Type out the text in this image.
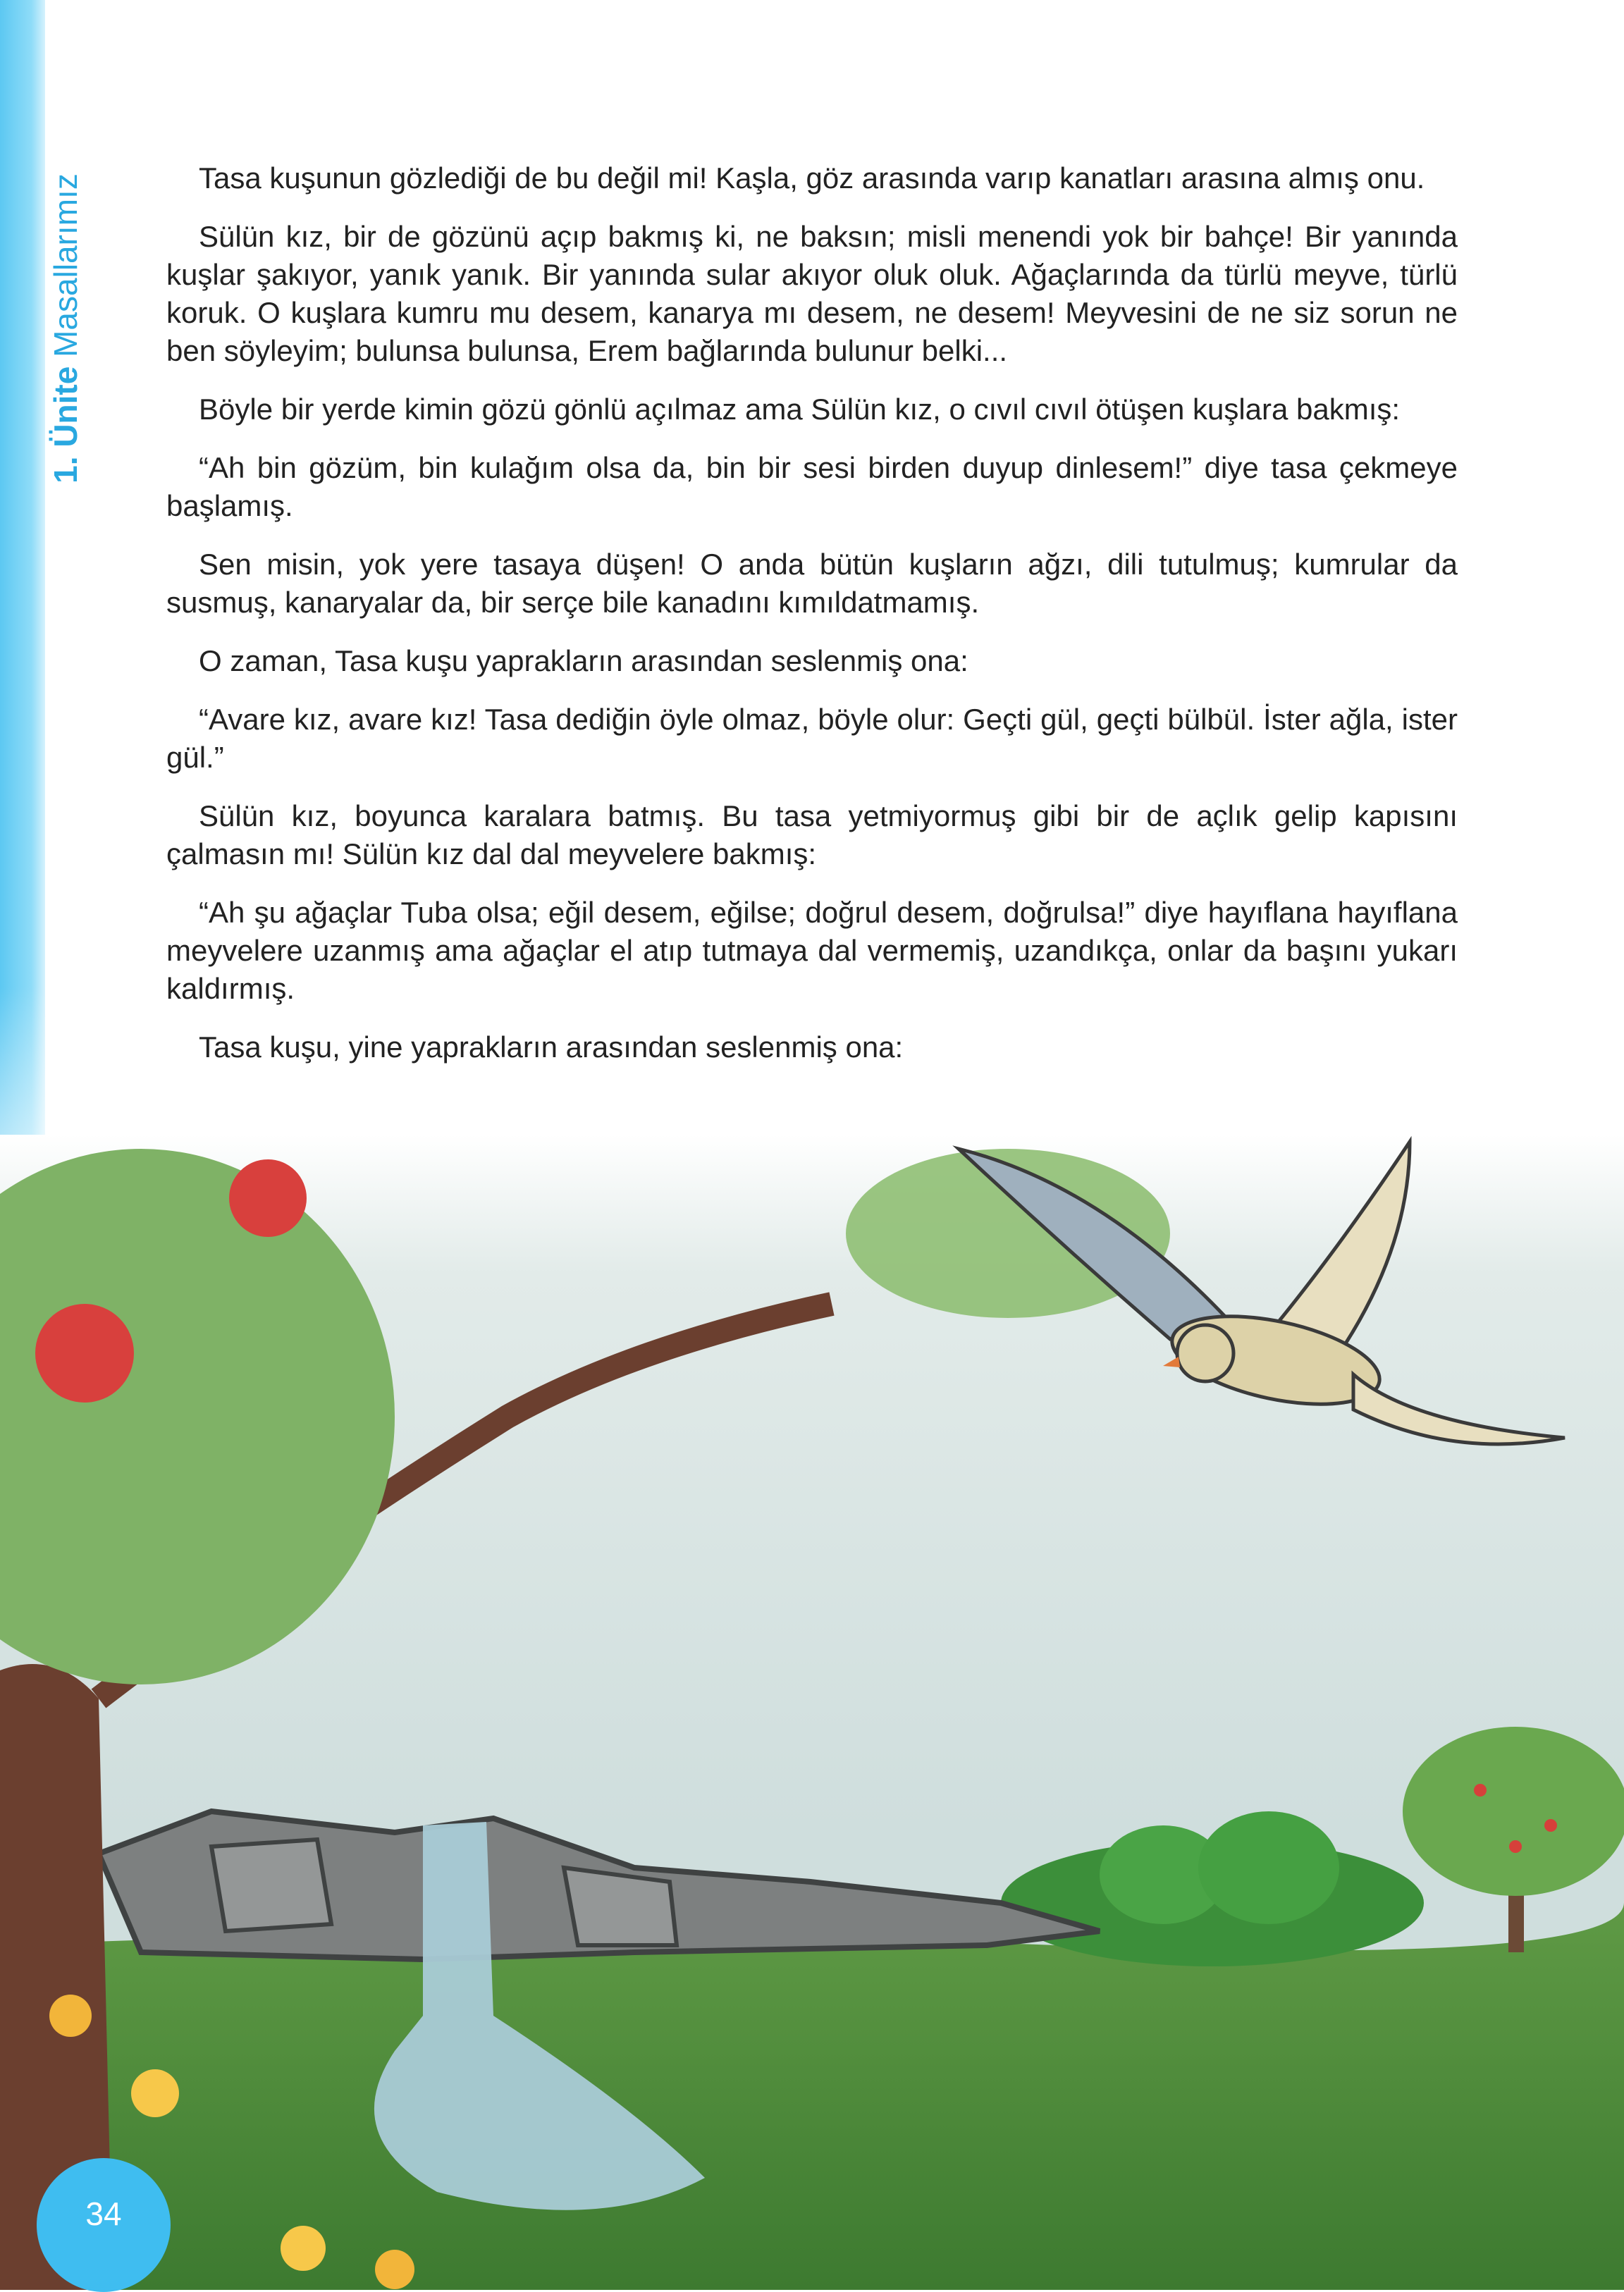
1. Ünite Masallarımız	Tasa kuşunun gözlediği de bu değil mi! Kaşla, göz arasında varıp kanatları arasına almış onu.

Sülün kız, bir de gözünü açıp bakmış ki, ne baksın; misli menendi yok bir bahçe! Bir yanında kuşlar şakıyor, yanık yanık. Bir yanında sular akıyor oluk oluk. Ağaçlarında da türlü meyve, türlü koruk. O kuşlara kumru mu desem, kanarya mı desem, ne desem! Meyvesini de ne siz sorun ne ben söyleyim; bulunsa bulunsa, Erem bağlarında bulunur belki...

Böyle bir yerde kimin gözü gönlü açılmaz ama Sülün kız, o cıvıl cıvıl ötüşen kuşlara bakmış:

“Ah bin gözüm, bin kulağım olsa da, bin bir sesi birden duyup dinlesem!” diye tasa çekmeye başlamış.

Sen misin, yok yere tasaya düşen! O anda bütün kuşların ağzı, dili tutulmuş; kumrular da susmuş, kanaryalar da, bir serçe bile kanadını kımıldatmamış.

O zaman, Tasa kuşu yaprakların arasından seslenmiş ona:

“Avare kız, avare kız! Tasa dediğin öyle olmaz, böyle olur: Geçti gül, geçti bülbül. İster ağla, ister gül.”

Sülün kız, boyunca karalara batmış. Bu tasa yetmiyormuş gibi bir de açlık gelip kapısını çalmasın mı! Sülün kız dal dal meyvelere bakmış:

“Ah şu ağaçlar Tuba olsa; eğil desem, eğilse; doğrul desem, doğrulsa!” diye hayıflana hayıflana meyvelere uzanmış ama ağaçlar el atıp tutmaya dal vermemiş, uzandıkça, onlar da başını yukarı kaldırmış.

Tasa kuşu, yine yaprakların arasından seslenmiş ona:

34
